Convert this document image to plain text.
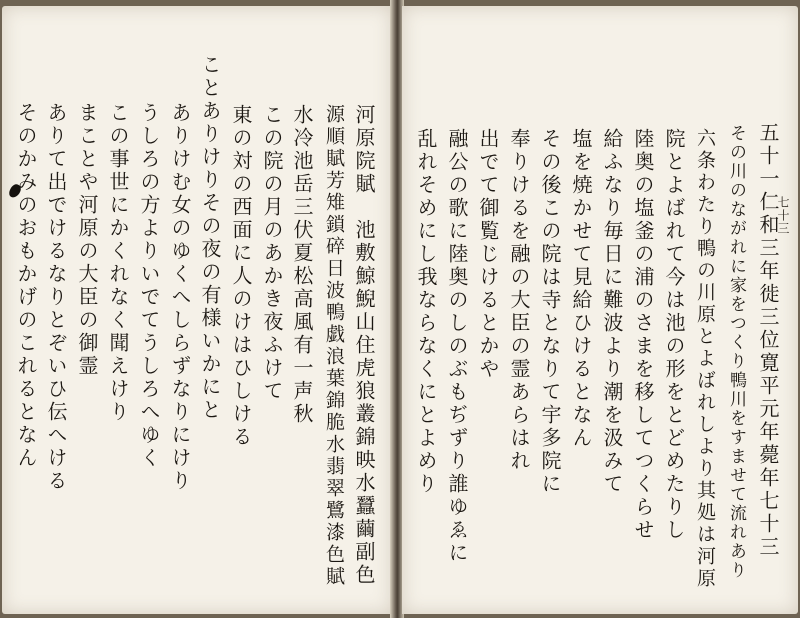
河原院賦　池敷鯨鯢山住虎狼叢錦映水蠶繭副色
源順賦芳雉鎖碎日波鴨戯浪葉錦脆水翡翠鷺漆色賦
水冷池岳三伏夏松高風有一声秋
この院の月のあかき夜ふけて
東の対の西面に人のけはひしける
ことありけりその夜の有様いかにと
ありけむ女のゆくへしらずなりにけり
うしろの方よりいでてうしろへゆく
この事世にかくれなく聞えけり
まことや河原の大臣の御霊
ありて出でけるなりとぞいひ伝へける
そのかみのおもかげのこれるとなん	五十一仁和三年徙三位寛平元年薨年七十三
その川のながれに家をつくり鴨川をすませて流れあり
六条わたり鴨の川原とよばれしより其処は河原
院とよばれて今は池の形をとどめたりし
陸奥の塩釜の浦のさまを移してつくらせ
給ふなり毎日に難波より潮を汲みて
塩を焼かせて見給ひけるとなん
その後この院は寺となりて宇多院に
奉りけるを融の大臣の霊あらはれ
出でて御覧じけるとかや
融公の歌に陸奥のしのぶもぢずり誰ゆゑに
乱れそめにし我ならなくにとよめり	七十三
